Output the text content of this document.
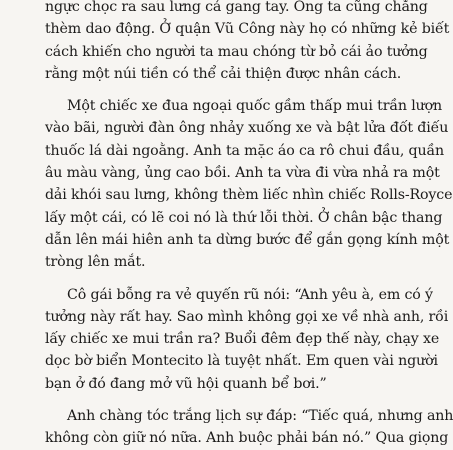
ngực chọc ra sau lưng cả gang tay. Ông ta cũng chẳng
thèm dao động. Ở quận Vũ Công này họ có những kẻ biết
cách khiến cho người ta mau chóng từ bỏ cái ảo tưởng
rằng một núi tiền có thể cải thiện được nhân cách.
Một chiếc xe đua ngoại quốc gầm thấp mui trần lượn
vào bãi, người đàn ông nhảy xuống xe và bật lửa đốt điếu
thuốc lá dài ngoằng. Anh ta mặc áo ca rô chui đầu, quần
âu màu vàng, ủng cao bồi. Anh ta vừa đi vừa nhả ra một
dải khói sau lưng, không thèm liếc nhìn chiếc Rolls-Royce
lấy một cái, có lẽ coi nó là thứ lỗi thời. Ở chân bậc thang
dẫn lên mái hiên anh ta dừng bước để gắn gọng kính một
tròng lên mắt.
Cô gái bỗng ra vẻ quyến rũ nói: “Anh yêu à, em có ý
tưởng này rất hay. Sao mình không gọi xe về nhà anh, rồi
lấy chiếc xe mui trần ra? Buổi đêm đẹp thế này, chạy xe
dọc bờ biển Montecito là tuyệt nhất. Em quen vài người
bạn ở đó đang mở vũ hội quanh bể bơi.”
Anh chàng tóc trắng lịch sự đáp: “Tiếc quá, nhưng anh
không còn giữ nó nữa. Anh buộc phải bán nó.” Qua giọng
